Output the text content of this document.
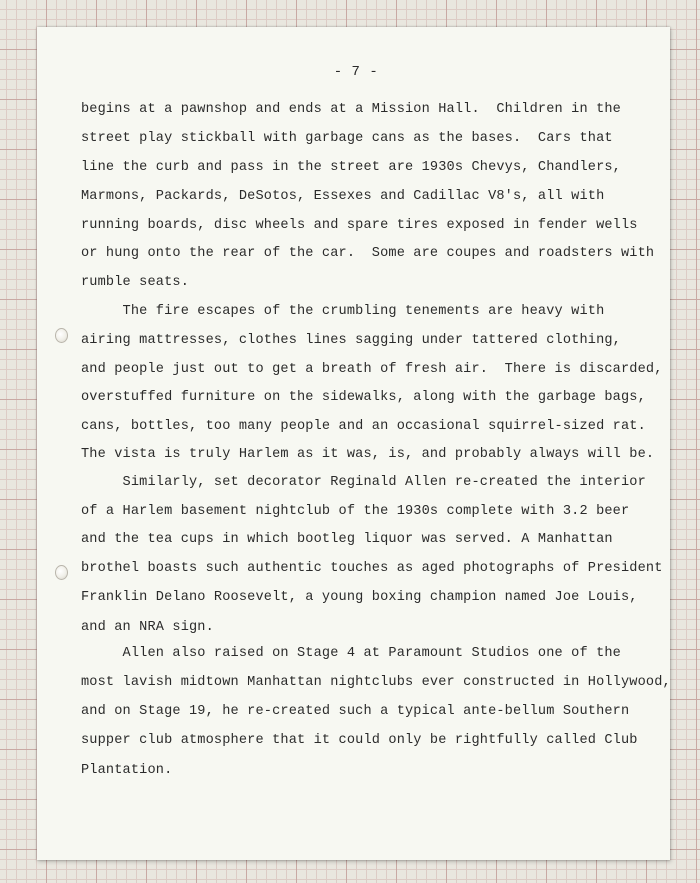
- 7 -
begins at a pawnshop and ends at a Mission Hall.  Children in the
street play stickball with garbage cans as the bases.  Cars that
line the curb and pass in the street are 1930s Chevys, Chandlers,
Marmons, Packards, DeSotos, Essexes and Cadillac V8's, all with
running boards, disc wheels and spare tires exposed in fender wells
or hung onto the rear of the car.  Some are coupes and roadsters with
rumble seats.
The fire escapes of the crumbling tenements are heavy with
airing mattresses, clothes lines sagging under tattered clothing,
and people just out to get a breath of fresh air.  There is discarded,
overstuffed furniture on the sidewalks, along with the garbage bags,
cans, bottles, too many people and an occasional squirrel-sized rat.
The vista is truly Harlem as it was, is, and probably always will be.
Similarly, set decorator Reginald Allen re-created the interior
of a Harlem basement nightclub of the 1930s complete with 3.2 beer
and the tea cups in which bootleg liquor was served. A Manhattan
brothel boasts such authentic touches as aged photographs of President
Franklin Delano Roosevelt, a young boxing champion named Joe Louis,
and an NRA sign.
Allen also raised on Stage 4 at Paramount Studios one of the
most lavish midtown Manhattan nightclubs ever constructed in Hollywood,
and on Stage 19, he re-created such a typical ante-bellum Southern
supper club atmosphere that it could only be rightfully called Club
Plantation.
